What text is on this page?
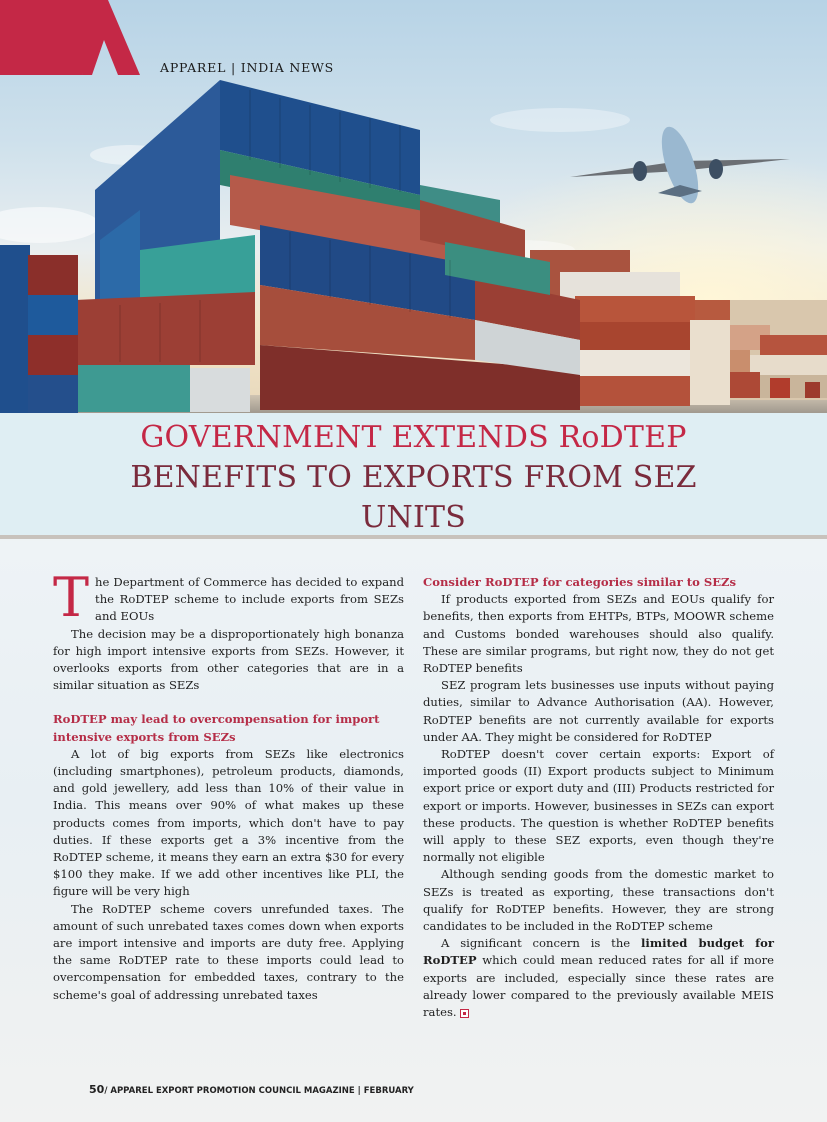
APPAREL | INDIA NEWS
GOVERNMENT EXTENDS RoDTEP
BENEFITS TO EXPORTS FROM SEZ
UNITS

The Department of Commerce has decided to expand the RoDTEP scheme to include exports from SEZs and EOUs

The decision may be a disproportionately high bonanza for high import intensive exports from SEZs. However, it overlooks exports from other categories that are in a similar situation as SEZs

RoDTEP may lead to overcompensation for import intensive exports from SEZs

A lot of big exports from SEZs like electronics (including smartphones), petroleum products, diamonds, and gold jewellery, add less than 10% of their value in India. This means over 90% of what makes up these products comes from imports, which don't have to pay duties. If these exports get a 3% incentive from the RoDTEP scheme, it means they earn an extra $30 for every $100 they make. If we add other incentives like PLI, the figure will be very high

The RoDTEP scheme covers unrefunded taxes. The amount of such unrebated taxes comes down when exports are import intensive and imports are duty free. Applying the same RoDTEP rate to these imports could lead to overcompensation for embedded taxes, contrary to the scheme's goal of addressing unrebated taxes

Consider RoDTEP for categories similar to SEZs

If products exported from SEZs and EOUs qualify for benefits, then exports from EHTPs, BTPs, MOOWR scheme and Customs bonded warehouses should also qualify. These are similar programs, but right now, they do not get RoDTEP benefits

SEZ program lets businesses use inputs without paying duties, similar to Advance Authorisation (AA). However, RoDTEP benefits are not currently available for exports under AA. They might be considered for RoDTEP

RoDTEP doesn't cover certain exports: Export of imported goods (II) Export products subject to Minimum export price or export duty and (III) Products restricted for export or imports. However, businesses in SEZs can export these products. The question is whether RoDTEP benefits will apply to these SEZ exports, even though they're normally not eligible

Although sending goods from the domestic market to SEZs is treated as exporting, these transactions don't qualify for RoDTEP benefits. However, they are strong candidates to be included in the RoDTEP scheme

A significant concern is the limited budget for RoDTEP which could mean reduced rates for all if more exports are included, especially since these rates are already lower compared to the previously available MEIS rates.

50/ APPAREL EXPORT PROMOTION COUNCIL MAGAZINE | FEBRUARY
